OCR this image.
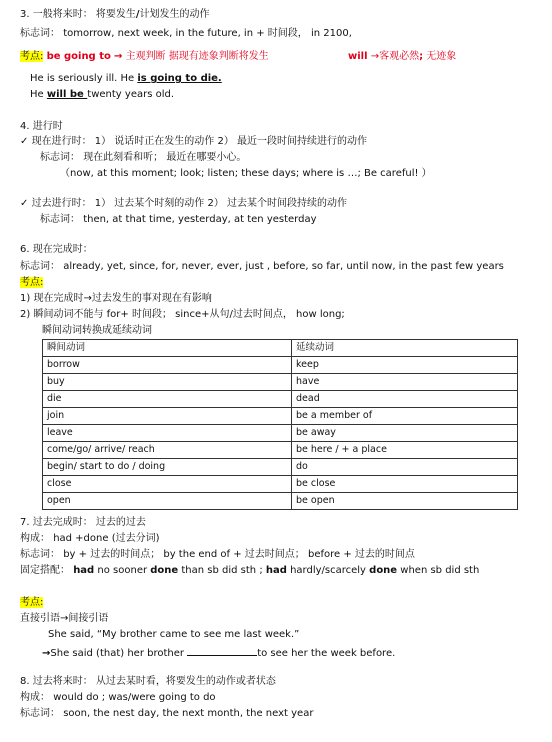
3. 一般将来时： 将要发生/计划发生的动作
标志词： tomorrow, next week, in the future, in + 时间段， in 2100,
考点: be going to → 主观判断 据现有迹象判断将发生	will →客观必然; 无迹象
He is seriously ill. He is going to die.
He will be twenty years old.
4. 进行时
✓ 现在进行时： 1） 说话时正在发生的动作 2） 最近一段时间持续进行的动作
标志词： 现在此刻看和听； 最近在哪要小心。
（now, at this moment; look; listen; these days; where is …; Be careful! ）
✓ 过去进行时： 1） 过去某个时刻的动作 2） 过去某个时间段持续的动作
标志词： then, at that time, yesterday, at ten yesterday
6. 现在完成时：
标志词： already, yet, since, for, never, ever, just , before, so far, until now, in the past few years
考点:
1) 现在完成时→过去发生的事对现在有影响
2) 瞬间动词不能与 for+ 时间段； since+从句/过去时间点， how long;
瞬间动词转换成延续动词
瞬间动词	延续动词
borrow	keep
buy	have
die	dead
join	be a member of
leave	be away
come/go/ arrive/ reach	be here / + a place
begin/ start to do / doing	do
close	be close
open	be open
7. 过去完成时： 过去的过去
构成： had +done (过去分词)
标志词： by + 过去的时间点； by the end of + 过去时间点； before + 过去的时间点
固定搭配： had no sooner done than sb did sth ; had hardly/scarcely done when sb did sth
考点:
直接引语→间接引语
She said, “My brother came to see me last week.”
→She said (that) her brother	to see her the week before.
8. 过去将来时： 从过去某时看，将要发生的动作或者状态
构成： would do ; was/were going to do
标志词： soon, the nest day, the next month, the next year
